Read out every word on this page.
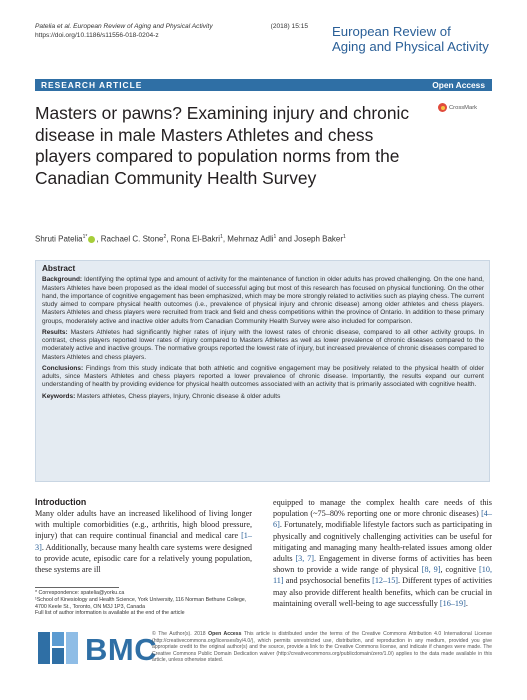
Patelia et al. European Review of Aging and Physical Activity	(2018) 15:15
https://doi.org/10.1186/s11556-018-0204-z	European Review of
Aging and Physical Activity
RESEARCH ARTICLE	Open Access
Masters or pawns? Examining injury and chronic disease in male Masters Athletes and chess players compared to population norms from the Canadian Community Health Survey
CrossMark
Shruti Patelia$^{1*}$ , Rachael C. Stone$^2$, Rona El-Bakri$^1$, Mehrnaz Adli$^1$ and Joseph Baker$^1$
Abstract

Background: Identifying the optimal type and amount of activity for the maintenance of function in older adults has proved challenging. On the one hand, Masters Athletes have been proposed as the ideal model of successful aging but most of this research has focused on physical functioning. On the other hand, the importance of cognitive engagement has been emphasized, which may be more strongly related to activities such as playing chess. The current study aimed to compare physical health outcomes (i.e., prevalence of physical injury and chronic disease) among older athletes and chess players. Masters Athletes and chess players were recruited from track and field and chess competitions within the province of Ontario. In addition to these primary groups, moderately active and inactive older adults from Canadian Community Health Survey were also included for comparison.

Results: Masters Athletes had significantly higher rates of injury with the lowest rates of chronic disease, compared to all other activity groups. In contrast, chess players reported lower rates of injury compared to Masters Athletes as well as lower prevalence of chronic diseases compared to the moderately active and inactive groups. The normative groups reported the lowest rate of injury, but increased prevalence of chronic diseases compared to Masters Athletes and chess players.

Conclusions: Findings from this study indicate that both athletic and cognitive engagement may be positively related to the physical health of older adults, since Masters Athletes and chess players reported a lower prevalence of chronic disease. Importantly, the results expand our current understanding of health by providing evidence for physical health outcomes associated with an activity that is primarily associated with cognitive health.

Keywords: Masters athletes, Chess players, Injury, Chronic disease & older adults

Introduction
Many older adults have an increased likelihood of living longer with multiple comorbidities (e.g., arthritis, high blood pressure, injury) that can require continual financial and medical care [1–3]. Additionally, because many health care systems were designed to provide acute, episodic care for a relatively young population, these systems are ill
equipped to manage the complex health care needs of this population (~75–80% reporting one or more chronic diseases) [4–6]. Fortunately, modifiable lifestyle factors such as participating in physically and cognitively challenging activities can be useful for mitigating and managing many health-related issues among older adults [3, 7]. Engagement in diverse forms of activities has been shown to provide a wide range of physical [8, 9], cognitive [10, 11] and psychosocial benefits [12–15]. Different types of activities may also provide different health benefits, which can be crucial in maintaining overall well-being to age successfully [16–19].
* Correspondence: spatelia@yorku.ca
¹School of Kinesiology and Health Science, York University, 116 Norman Bethune College, 4700 Keele St., Toronto, ON M3J 1P3, Canada
Full list of author information is available at the end of the article
BMC
© The Author(s). 2018 Open Access This article is distributed under the terms of the Creative Commons Attribution 4.0 International License (http://creativecommons.org/licenses/by/4.0/), which permits unrestricted use, distribution, and reproduction in any medium, provided you give appropriate credit to the original author(s) and the source, provide a link to the Creative Commons license, and indicate if changes were made. The Creative Commons Public Domain Dedication waiver (http://creativecommons.org/publicdomain/zero/1.0/) applies to the data made available in this article, unless otherwise stated.
